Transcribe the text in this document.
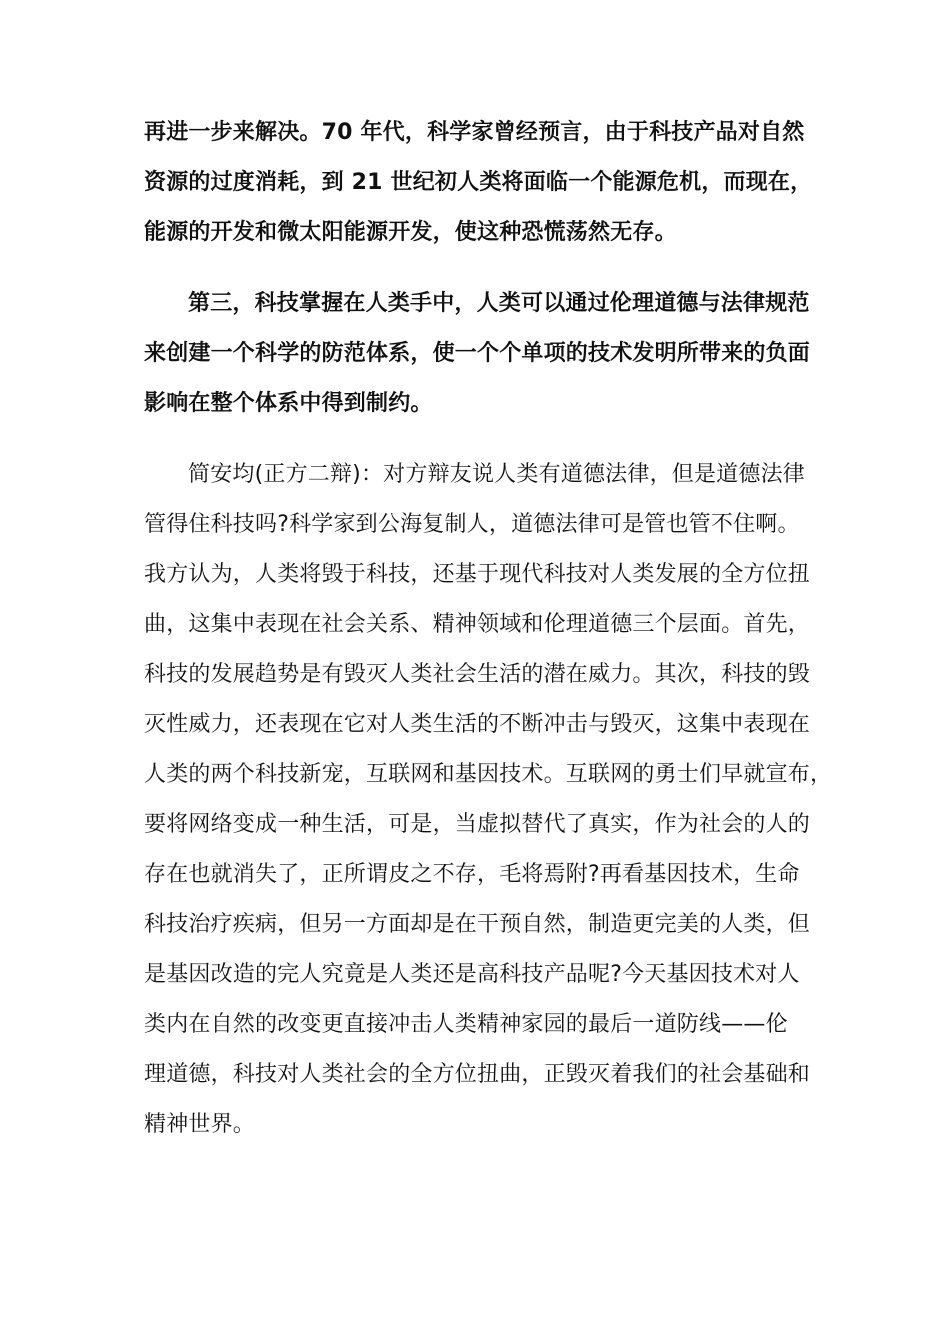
再进一步来解决。70 年代，科学家曾经预言，由于科技产品对自然
资源的过度消耗，到 21 世纪初人类将面临一个能源危机，而现在，
能源的开发和微太阳能源开发，使这种恐慌荡然无存。
第三，科技掌握在人类手中，人类可以通过伦理道德与法律规范
来创建一个科学的防范体系，使一个个单项的技术发明所带来的负面
影响在整个体系中得到制约。
简安均(正方二辩)：对方辩友说人类有道德法律，但是道德法律
管得住科技吗?科学家到公海复制人，道德法律可是管也管不住啊。
我方认为，人类将毁于科技，还基于现代科技对人类发展的全方位扭
曲，这集中表现在社会关系、精神领域和伦理道德三个层面。首先，
科技的发展趋势是有毁灭人类社会生活的潜在威力。其次，科技的毁
灭性威力，还表现在它对人类生活的不断冲击与毁灭，这集中表现在
人类的两个科技新宠，互联网和基因技术。互联网的勇士们早就宣布，
要将网络变成一种生活，可是，当虚拟替代了真实，作为社会的人的
存在也就消失了，正所谓皮之不存，毛将焉附?再看基因技术，生命
科技治疗疾病，但另一方面却是在干预自然，制造更完美的人类，但
是基因改造的完人究竟是人类还是高科技产品呢?今天基因技术对人
类内在自然的改变更直接冲击人类精神家园的最后一道防线——伦
理道德，科技对人类社会的全方位扭曲，正毁灭着我们的社会基础和
精神世界。
